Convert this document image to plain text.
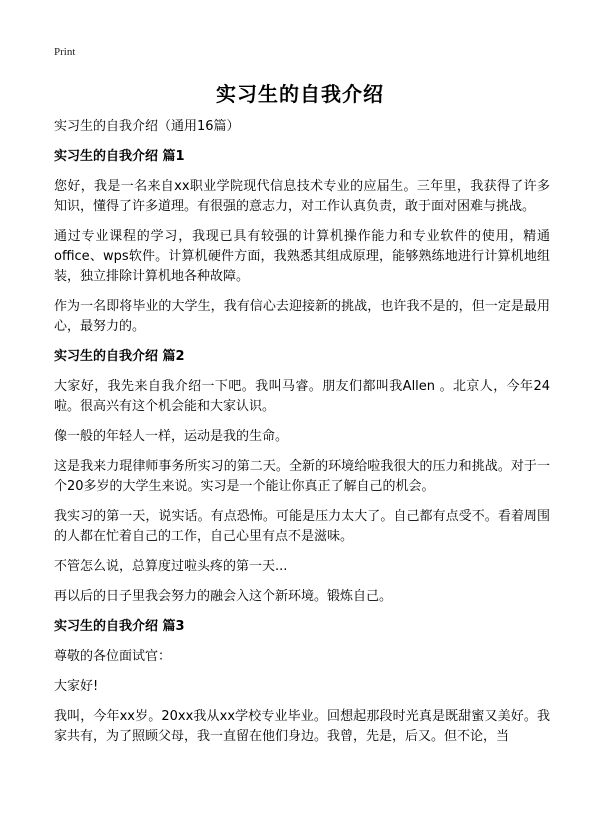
Print
实习生的自我介绍

实习生的自我介绍（通用16篇）

实习生的自我介绍 篇1

您好，我是一名来自xx职业学院现代信息技术专业的应届生。三年里，我获得了许多知识，懂得了许多道理。有很强的意志力，对工作认真负责，敢于面对困难与挑战。

通过专业课程的学习，我现已具有较强的计算机操作能力和专业软件的使用，精通office、wps软件。计算机硬件方面，我熟悉其组成原理，能够熟练地进行计算机地组装，独立排除计算机地各种故障。

作为一名即将毕业的大学生，我有信心去迎接新的挑战，也许我不是的，但一定是最用心，最努力的。

实习生的自我介绍 篇2

大家好，我先来自我介绍一下吧。我叫马睿。朋友们都叫我Allen 。北京人，今年24啦。很高兴有这个机会能和大家认识。

像一般的年轻人一样，运动是我的生命。

这是我来力琨律师事务所实习的第二天。全新的环境给啦我很大的压力和挑战。对于一个20多岁的大学生来说。实习是一个能让你真正了解自己的机会。

我实习的第一天，说实话。有点恐怖。可能是压力太大了。自己都有点受不。看着周围的人都在忙着自己的工作，自己心里有点不是滋味。

不管怎么说，总算度过啦头疼的第一天...

再以后的日子里我会努力的融会入这个新环境。锻炼自己。

实习生的自我介绍 篇3

尊敬的各位面试官：

大家好!

我叫，今年xx岁。20xx我从xx学校专业毕业。回想起那段时光真是既甜蜜又美好。我家共有，为了照顾父母，我一直留在他们身边。我曾，先是，后又。但不论，当
